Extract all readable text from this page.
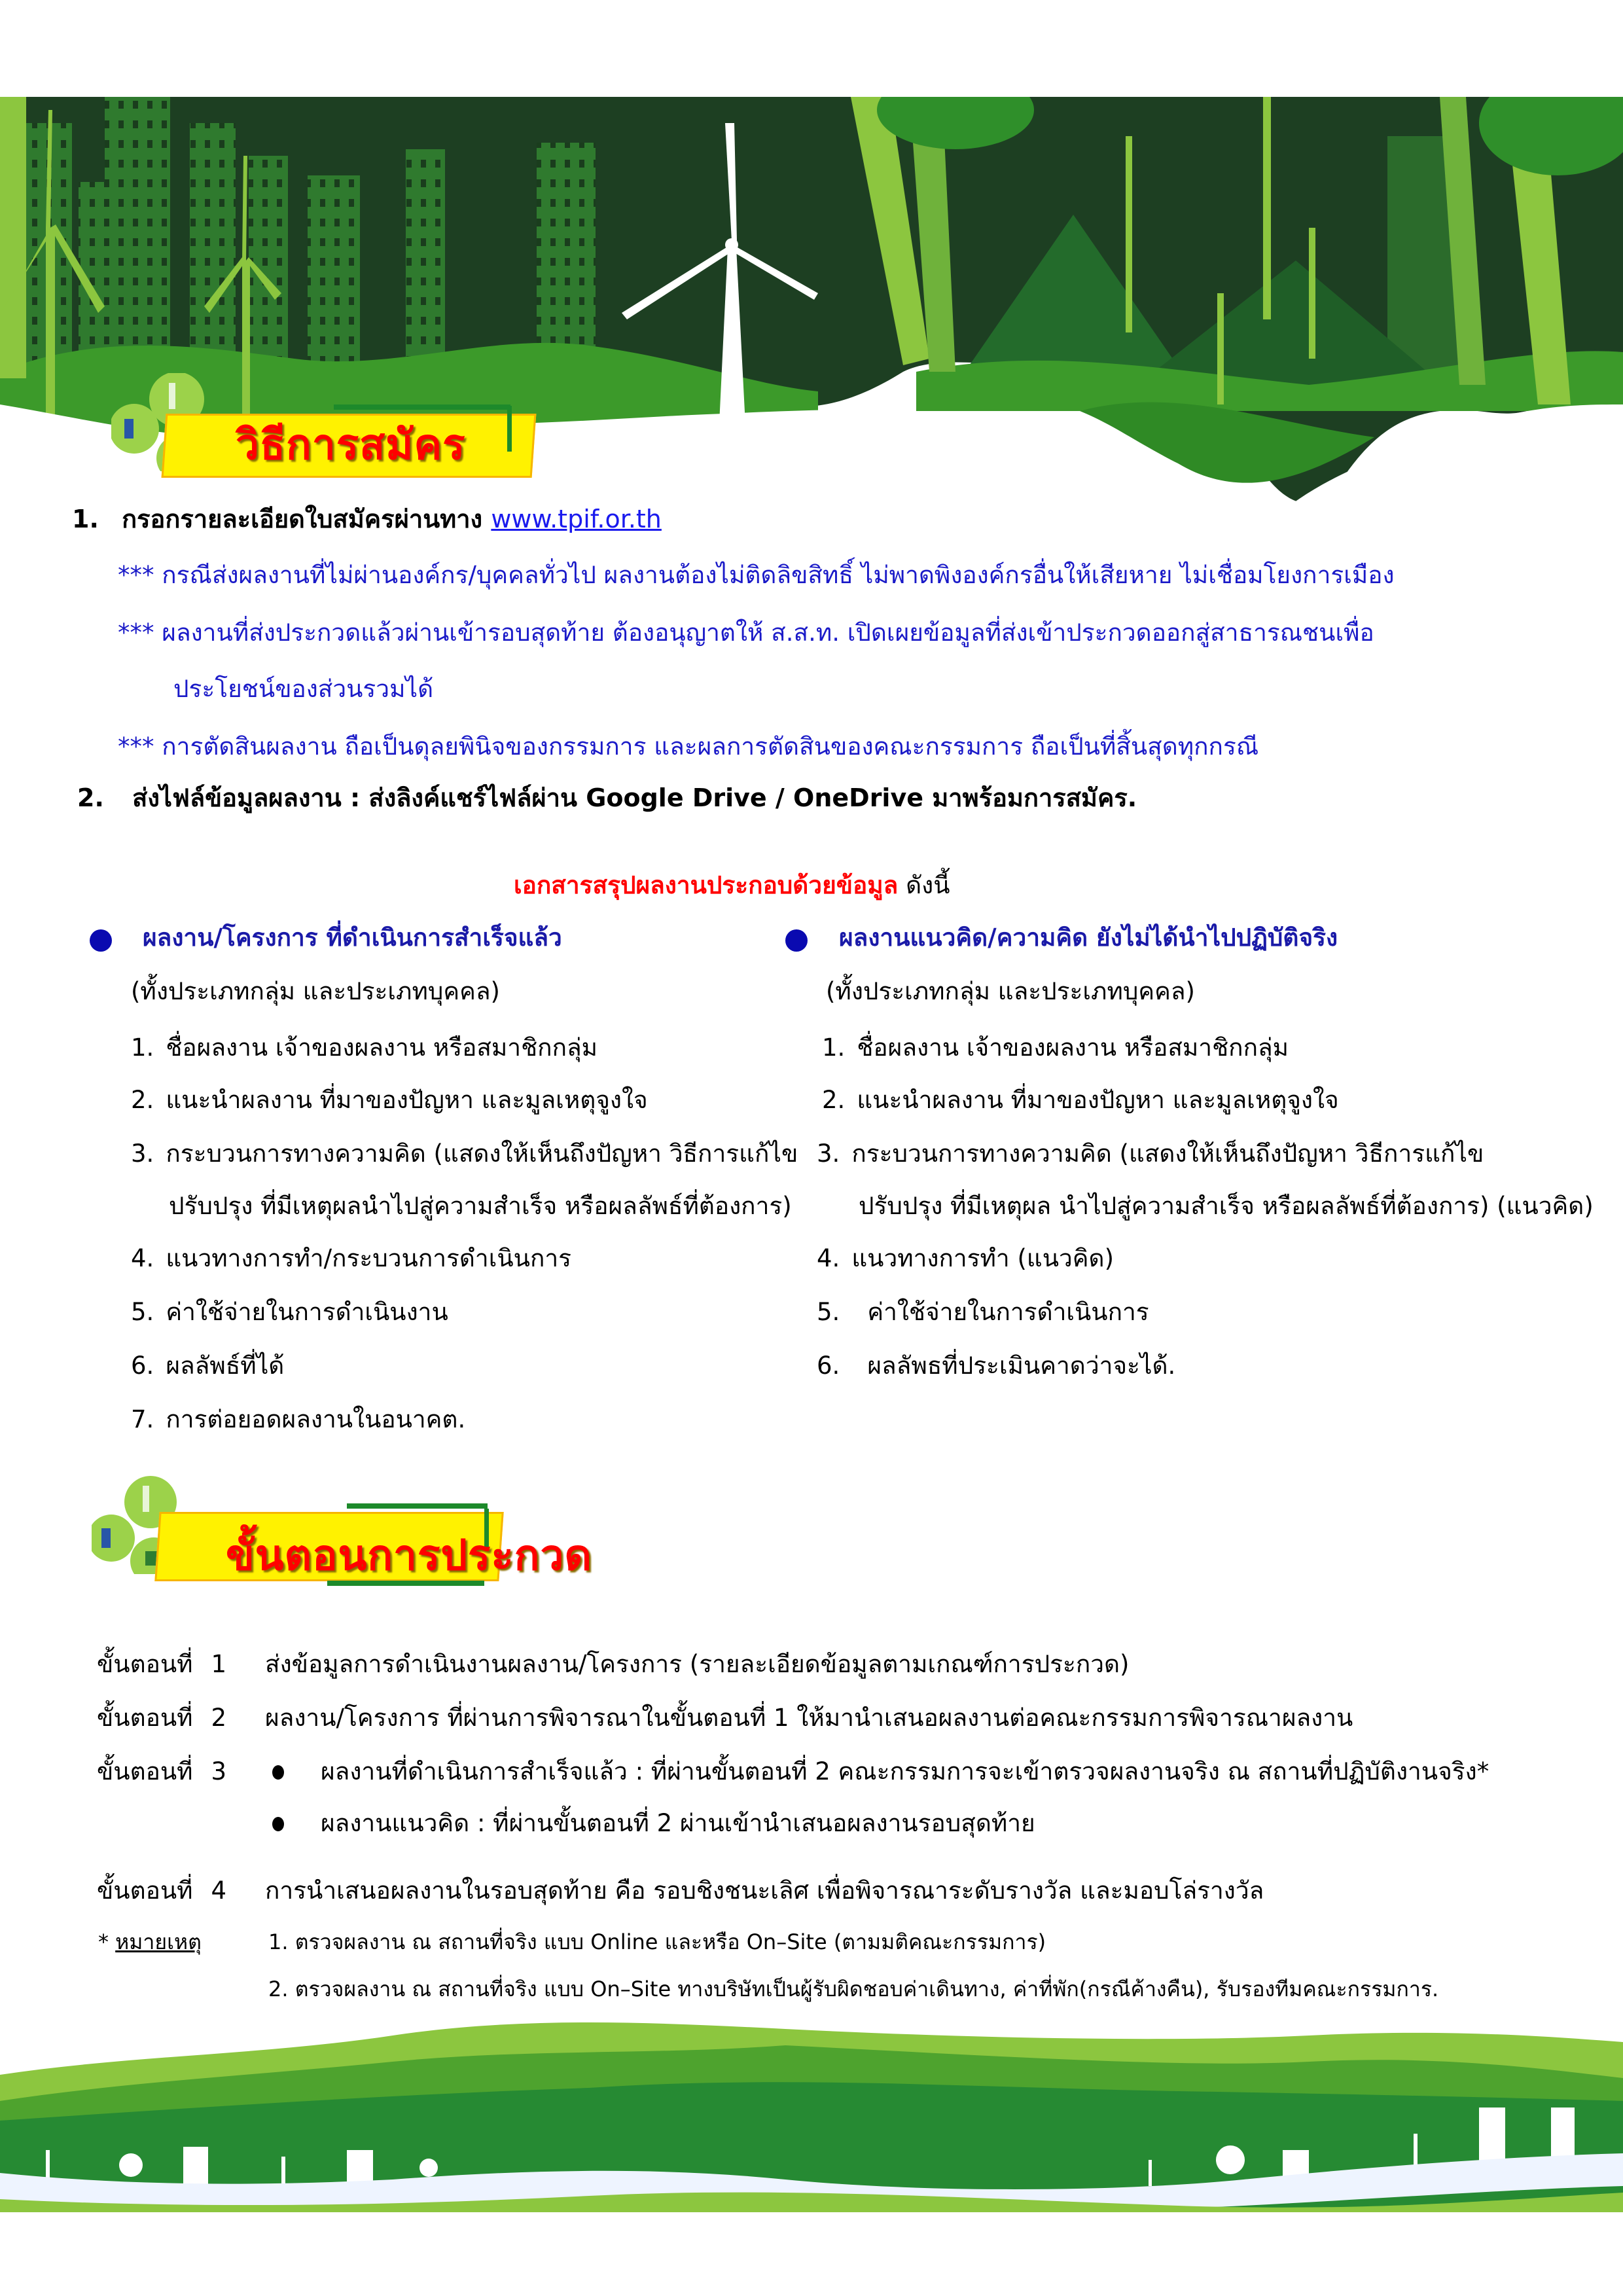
วิธีการสมัคร
1. กรอกรายละเอียดใบสมัครผ่านทาง www.tpif.or.th
*** กรณีส่งผลงานที่ไม่ผ่านองค์กร/บุคคลทั่วไป ผลงานต้องไม่ติดลิขสิทธิ์ ไม่พาดพิงองค์กรอื่นให้เสียหาย ไม่เชื่อมโยงการเมือง
*** ผลงานที่ส่งประกวดแล้วผ่านเข้ารอบสุดท้าย ต้องอนุญาตให้ ส.ส.ท. เปิดเผยข้อมูลที่ส่งเข้าประกวดออกสู่สาธารณชนเพื่อ
ประโยชน์ของส่วนรวมได้
*** การตัดสินผลงาน ถือเป็นดุลยพินิจของกรรมการ และผลการตัดสินของคณะกรรมการ ถือเป็นที่สิ้นสุดทุกกรณี
2. ส่งไฟล์ข้อมูลผลงาน : ส่งลิงค์แชร์ไฟล์ผ่าน Google Drive / OneDrive มาพร้อมการสมัคร.
เอกสารสรุปผลงานประกอบด้วยข้อมูล ดังนี้
ผลงาน/โครงการ ที่ดำเนินการสำเร็จแล้ว
(ทั้งประเภทกลุ่ม และประเภทบุคคล)
1. ชื่อผลงาน เจ้าของผลงาน หรือสมาชิกกลุ่ม
2. แนะนำผลงาน ที่มาของปัญหา และมูลเหตุจูงใจ
3. กระบวนการทางความคิด (แสดงให้เห็นถึงปัญหา วิธีการแก้ไข
ปรับปรุง ที่มีเหตุผลนำไปสู่ความสำเร็จ หรือผลลัพธ์ที่ต้องการ)
4. แนวทางการทำ/กระบวนการดำเนินการ
5. ค่าใช้จ่ายในการดำเนินงาน
6. ผลลัพธ์ที่ได้
7. การต่อยอดผลงานในอนาคต.
ผลงานแนวคิด/ความคิด ยังไม่ได้นำไปปฏิบัติจริง
(ทั้งประเภทกลุ่ม และประเภทบุคคล)
1. ชื่อผลงาน เจ้าของผลงาน หรือสมาชิกกลุ่ม
2. แนะนำผลงาน ที่มาของปัญหา และมูลเหตุจูงใจ
3. กระบวนการทางความคิด (แสดงให้เห็นถึงปัญหา วิธีการแก้ไข
ปรับปรุง ที่มีเหตุผล นำไปสู่ความสำเร็จ หรือผลลัพธ์ที่ต้องการ) (แนวคิด)
4. แนวทางการทำ (แนวคิด)
5. ค่าใช้จ่ายในการดำเนินการ
6. ผลลัพธที่ประเมินคาดว่าจะได้.
ขั้นตอนการประกวด
ขั้นตอนที่ 1 ส่งข้อมูลการดำเนินงานผลงาน/โครงการ (รายละเอียดข้อมูลตามเกณฑ์การประกวด)
ขั้นตอนที่ 2 ผลงาน/โครงการ ที่ผ่านการพิจารณาในขั้นตอนที่ 1 ให้มานำเสนอผลงานต่อคณะกรรมการพิจารณาผลงาน
ขั้นตอนที่ 3	ผลงานที่ดำเนินการสำเร็จแล้ว : ที่ผ่านขั้นตอนที่ 2 คณะกรรมการจะเข้าตรวจผลงานจริง ณ สถานที่ปฏิบัติงานจริง*
ผลงานแนวคิด : ที่ผ่านขั้นตอนที่ 2 ผ่านเข้านำเสนอผลงานรอบสุดท้าย
ขั้นตอนที่ 4 การนำเสนอผลงานในรอบสุดท้าย คือ รอบชิงชนะเลิศ เพื่อพิจารณาระดับรางวัล และมอบโล่รางวัล
* หมายเหตุ	1. ตรวจผลงาน ณ สถานที่จริง แบบ Online และหรือ On–Site (ตามมติคณะกรรมการ)
2. ตรวจผลงาน ณ สถานที่จริง แบบ On–Site ทางบริษัทเป็นผู้รับผิดชอบค่าเดินทาง, ค่าที่พัก(กรณีค้างคืน), รับรองทีมคณะกรรมการ.
